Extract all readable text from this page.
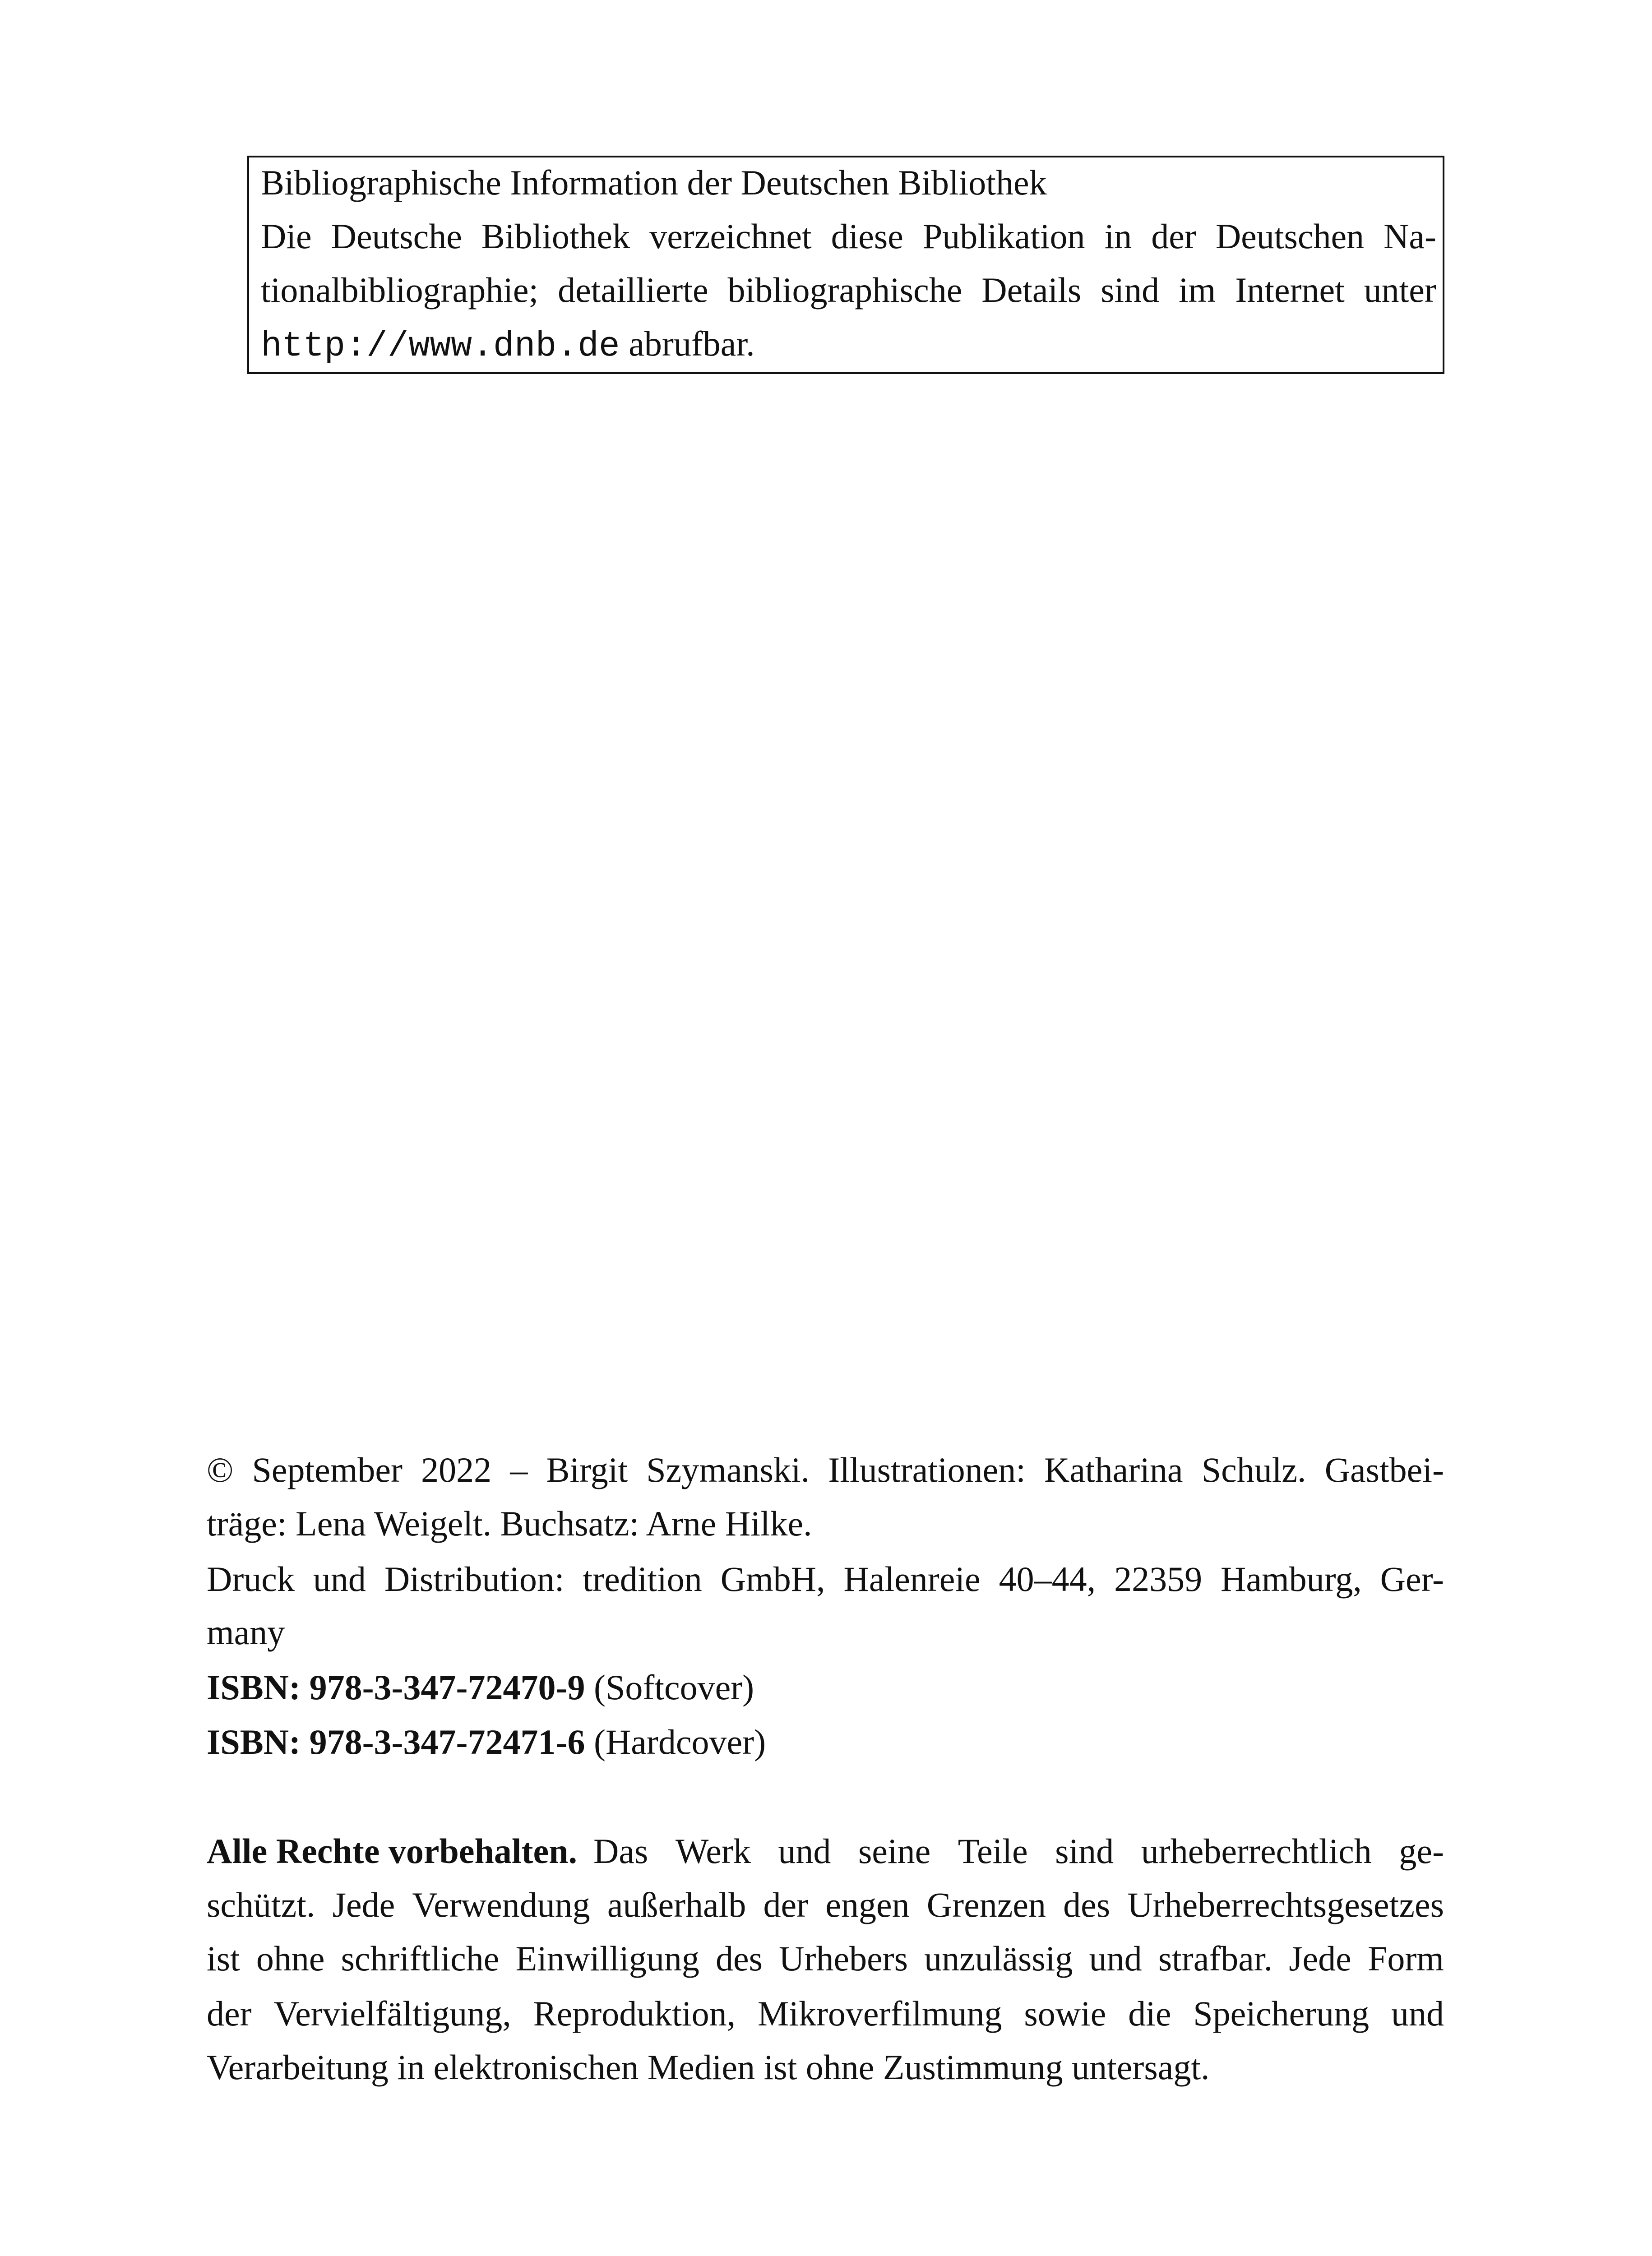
Bibliographische Information der Deutschen Bibliothek
Die Deutsche Bibliothek verzeichnet diese Publikation in der Deutschen Na-
tionalbibliographie; detaillierte bibliographische Details sind im Internet unter
http://www.dnb.de abrufbar.
© September 2022 – Birgit Szymanski. Illustrationen: Katharina Schulz. Gastbei-
träge: Lena Weigelt. Buchsatz: Arne Hilke.
Druck und Distribution: tredition GmbH, Halenreie 40–44, 22359 Hamburg, Ger-
many
ISBN: 978-3-347-72470-9 (Softcover)
ISBN: 978-3-347-72471-6 (Hardcover)
Alle Rechte vorbehalten. Das Werk und seine Teile sind urheberrechtlich ge-
schützt. Jede Verwendung außerhalb der engen Grenzen des Urheberrechtsgesetzes
ist ohne schriftliche Einwilligung des Urhebers unzulässig und strafbar. Jede Form
der Vervielfältigung, Reproduktion, Mikroverfilmung sowie die Speicherung und
Verarbeitung in elektronischen Medien ist ohne Zustimmung untersagt.
